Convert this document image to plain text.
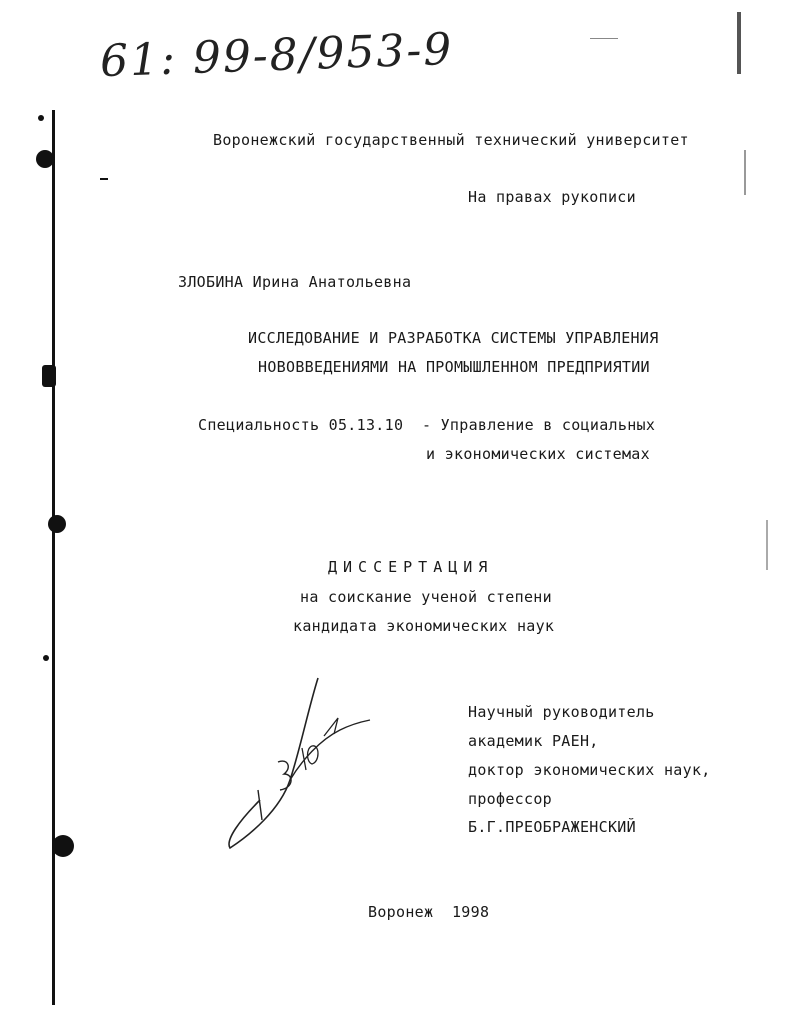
61: 99-8/953-9
Воронежский государственный технический университет
На правах рукописи
ЗЛОБИНА Ирина Анатольевна
ИССЛЕДОВАНИЕ И РАЗРАБОТКА СИСТЕМЫ УПРАВЛЕНИЯ
НОВОВВЕДЕНИЯМИ НА ПРОМЫШЛЕННОМ ПРЕДПРИЯТИИ
Специальность 05.13.10  - Управление в социальных
и экономических системах
ДИССЕРТАЦИЯ
на соискание ученой степени
кандидата экономических наук
Научный руководитель
академик РАЕН,
доктор экономических наук,
профессор
Б.Г.ПРЕОБРАЖЕНСКИЙ
Воронеж  1998
